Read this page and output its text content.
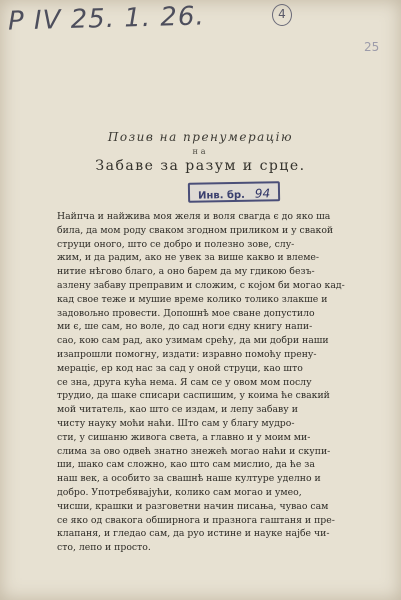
P IV 25. 1. 26.	4
25
Позив на пренумерацію
на
Забаве за разум и срце.
Инв. бр. 94
Найпча и найжива моя желя и воля свагда є до яко ша
била, да мом роду сваком згодном приликом и у свакой
струци оного, што се добро и полезно зове, слу-
жим, и да радим, ако не увек за више какво и влеме-
нитие нѣгово благо, а оно барем да му гдикою безъ-
азлену забаву преправим и сложим, с којом би могао кад-
кад свое теже и мушие време колико толико злакше и
задовољно провести. Допошнѣ мое сване допустило
ми є, ше сам, но воле, до сад ноги єдну книгу напи-
сао, кою сам рад, ако узимам срећу, да ми добри наши
изапрошли помогну, издати: изравно помоћу прену-
мераціє, ер код нас за сад у оной струци, као што
се зна, друга кућа нема. Я сам се у овом мом послу
трудио, да шаке списари саспишим, у коима ће свакий
мой читатель, као што се издам, и лепу забаву и
чисту науку моћи наћи. Што сам у благу мудро-
сти, у сишаню живога света, а главно и у моим ми-
слима за ово одвећ знатно знежећ могао наћи и скупи-
ши, шако сам сложно, као што сам мислио, да ће за
наш век, а особито за свашнѣ наше културе уделно и
добро. Употребявајући, колико сам могао и умео,
чисши, крашки и разговетни начин писања, чувао сам
се яко од свакога обширнога и празнога гаштаня и пре-
клапаня, и гледао сам, да руо истине и науке најбе чи-
сто, лепо и просто.
